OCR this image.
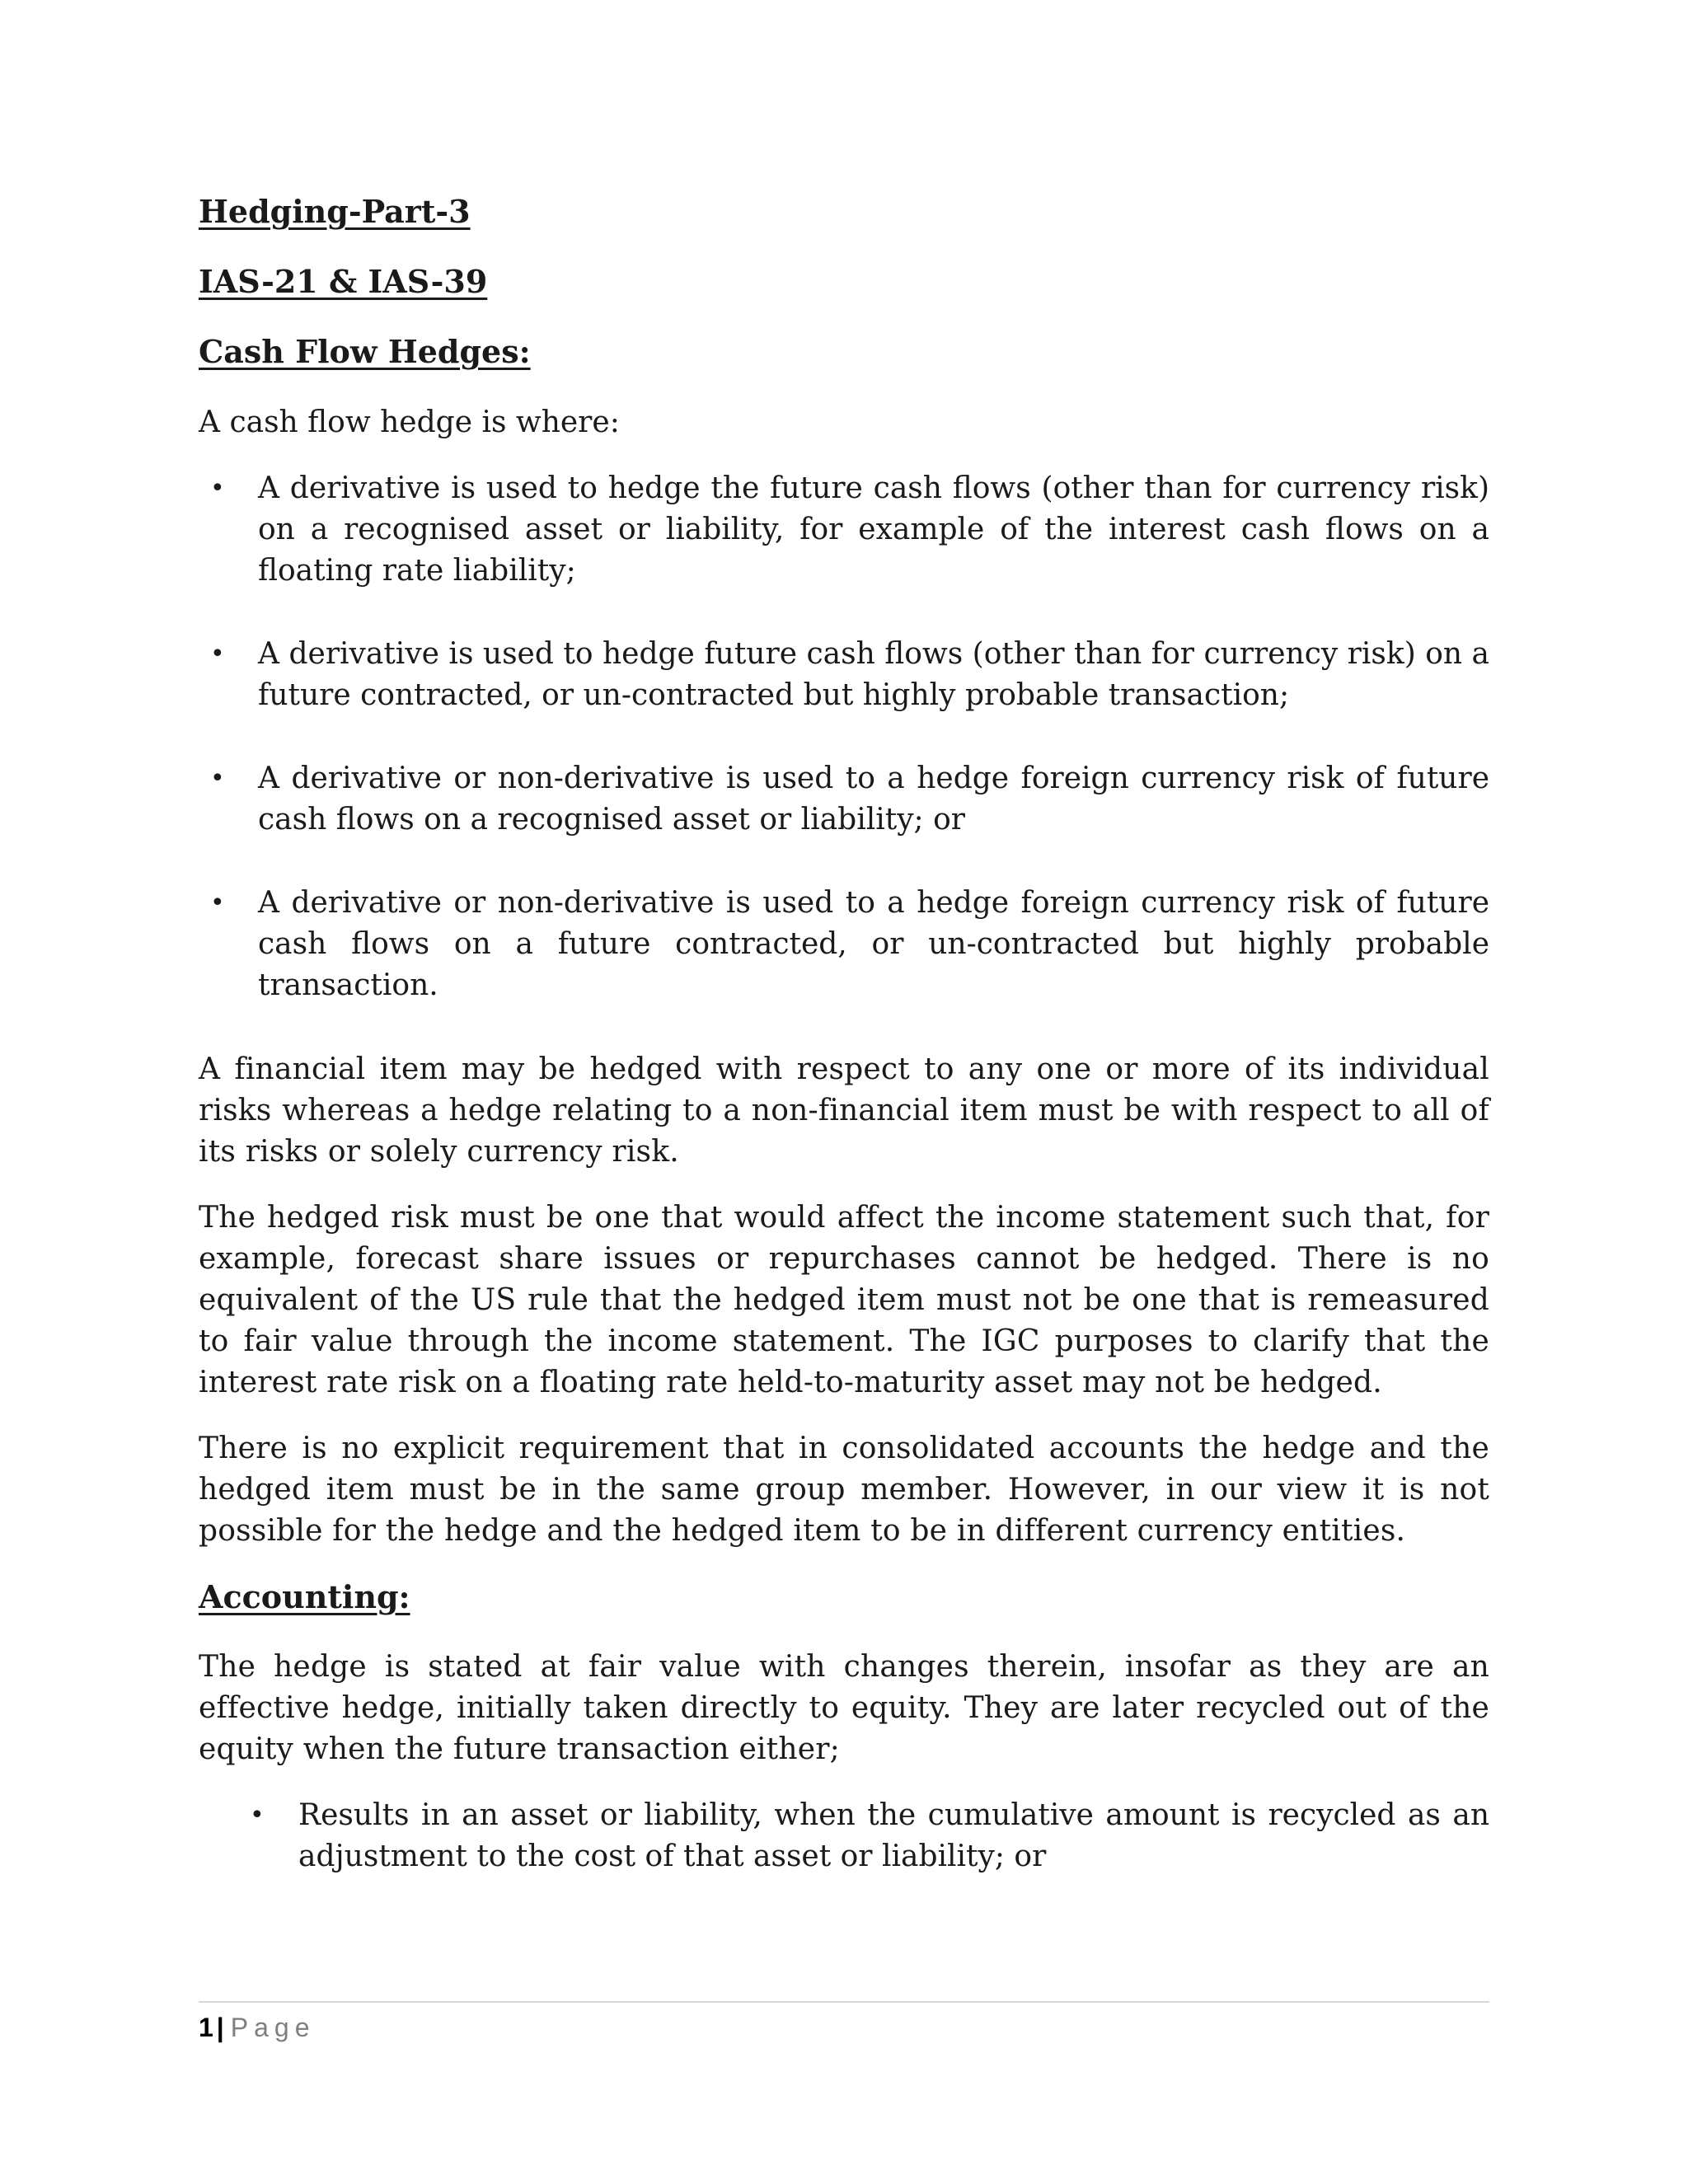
Hedging-Part-3
IAS-21 & IAS-39
Cash Flow Hedges:
A cash flow hedge is where:
• A derivative is used to hedge the future cash flows (other than for currency risk) on a recognised asset or liability, for example of the interest cash flows on a floating rate liability;
• A derivative is used to hedge future cash flows (other than for currency risk) on a future contracted, or un-contracted but highly probable transaction;
• A derivative or non-derivative is used to a hedge foreign currency risk of future cash flows on a recognised asset or liability; or
• A derivative or non-derivative is used to a hedge foreign currency risk of future cash flows on a future contracted, or un-contracted but highly probable transaction.
A financial item may be hedged with respect to any one or more of its individual risks whereas a hedge relating to a non-financial item must be with respect to all of its risks or solely currency risk.
The hedged risk must be one that would affect the income statement such that, for example, forecast share issues or repurchases cannot be hedged. There is no equivalent of the US rule that the hedged item must not be one that is remeasured to fair value through the income statement. The IGC purposes to clarify that the interest rate risk on a floating rate held-to-maturity asset may not be hedged.
There is no explicit requirement that in consolidated accounts the hedge and the hedged item must be in the same group member. However, in our view it is not possible for the hedge and the hedged item to be in different currency entities.
Accounting:
The hedge is stated at fair value with changes therein, insofar as they are an effective hedge, initially taken directly to equity. They are later recycled out of the equity when the future transaction either;
• Results in an asset or liability, when the cumulative amount is recycled as an adjustment to the cost of that asset or liability; or
1 | Page
